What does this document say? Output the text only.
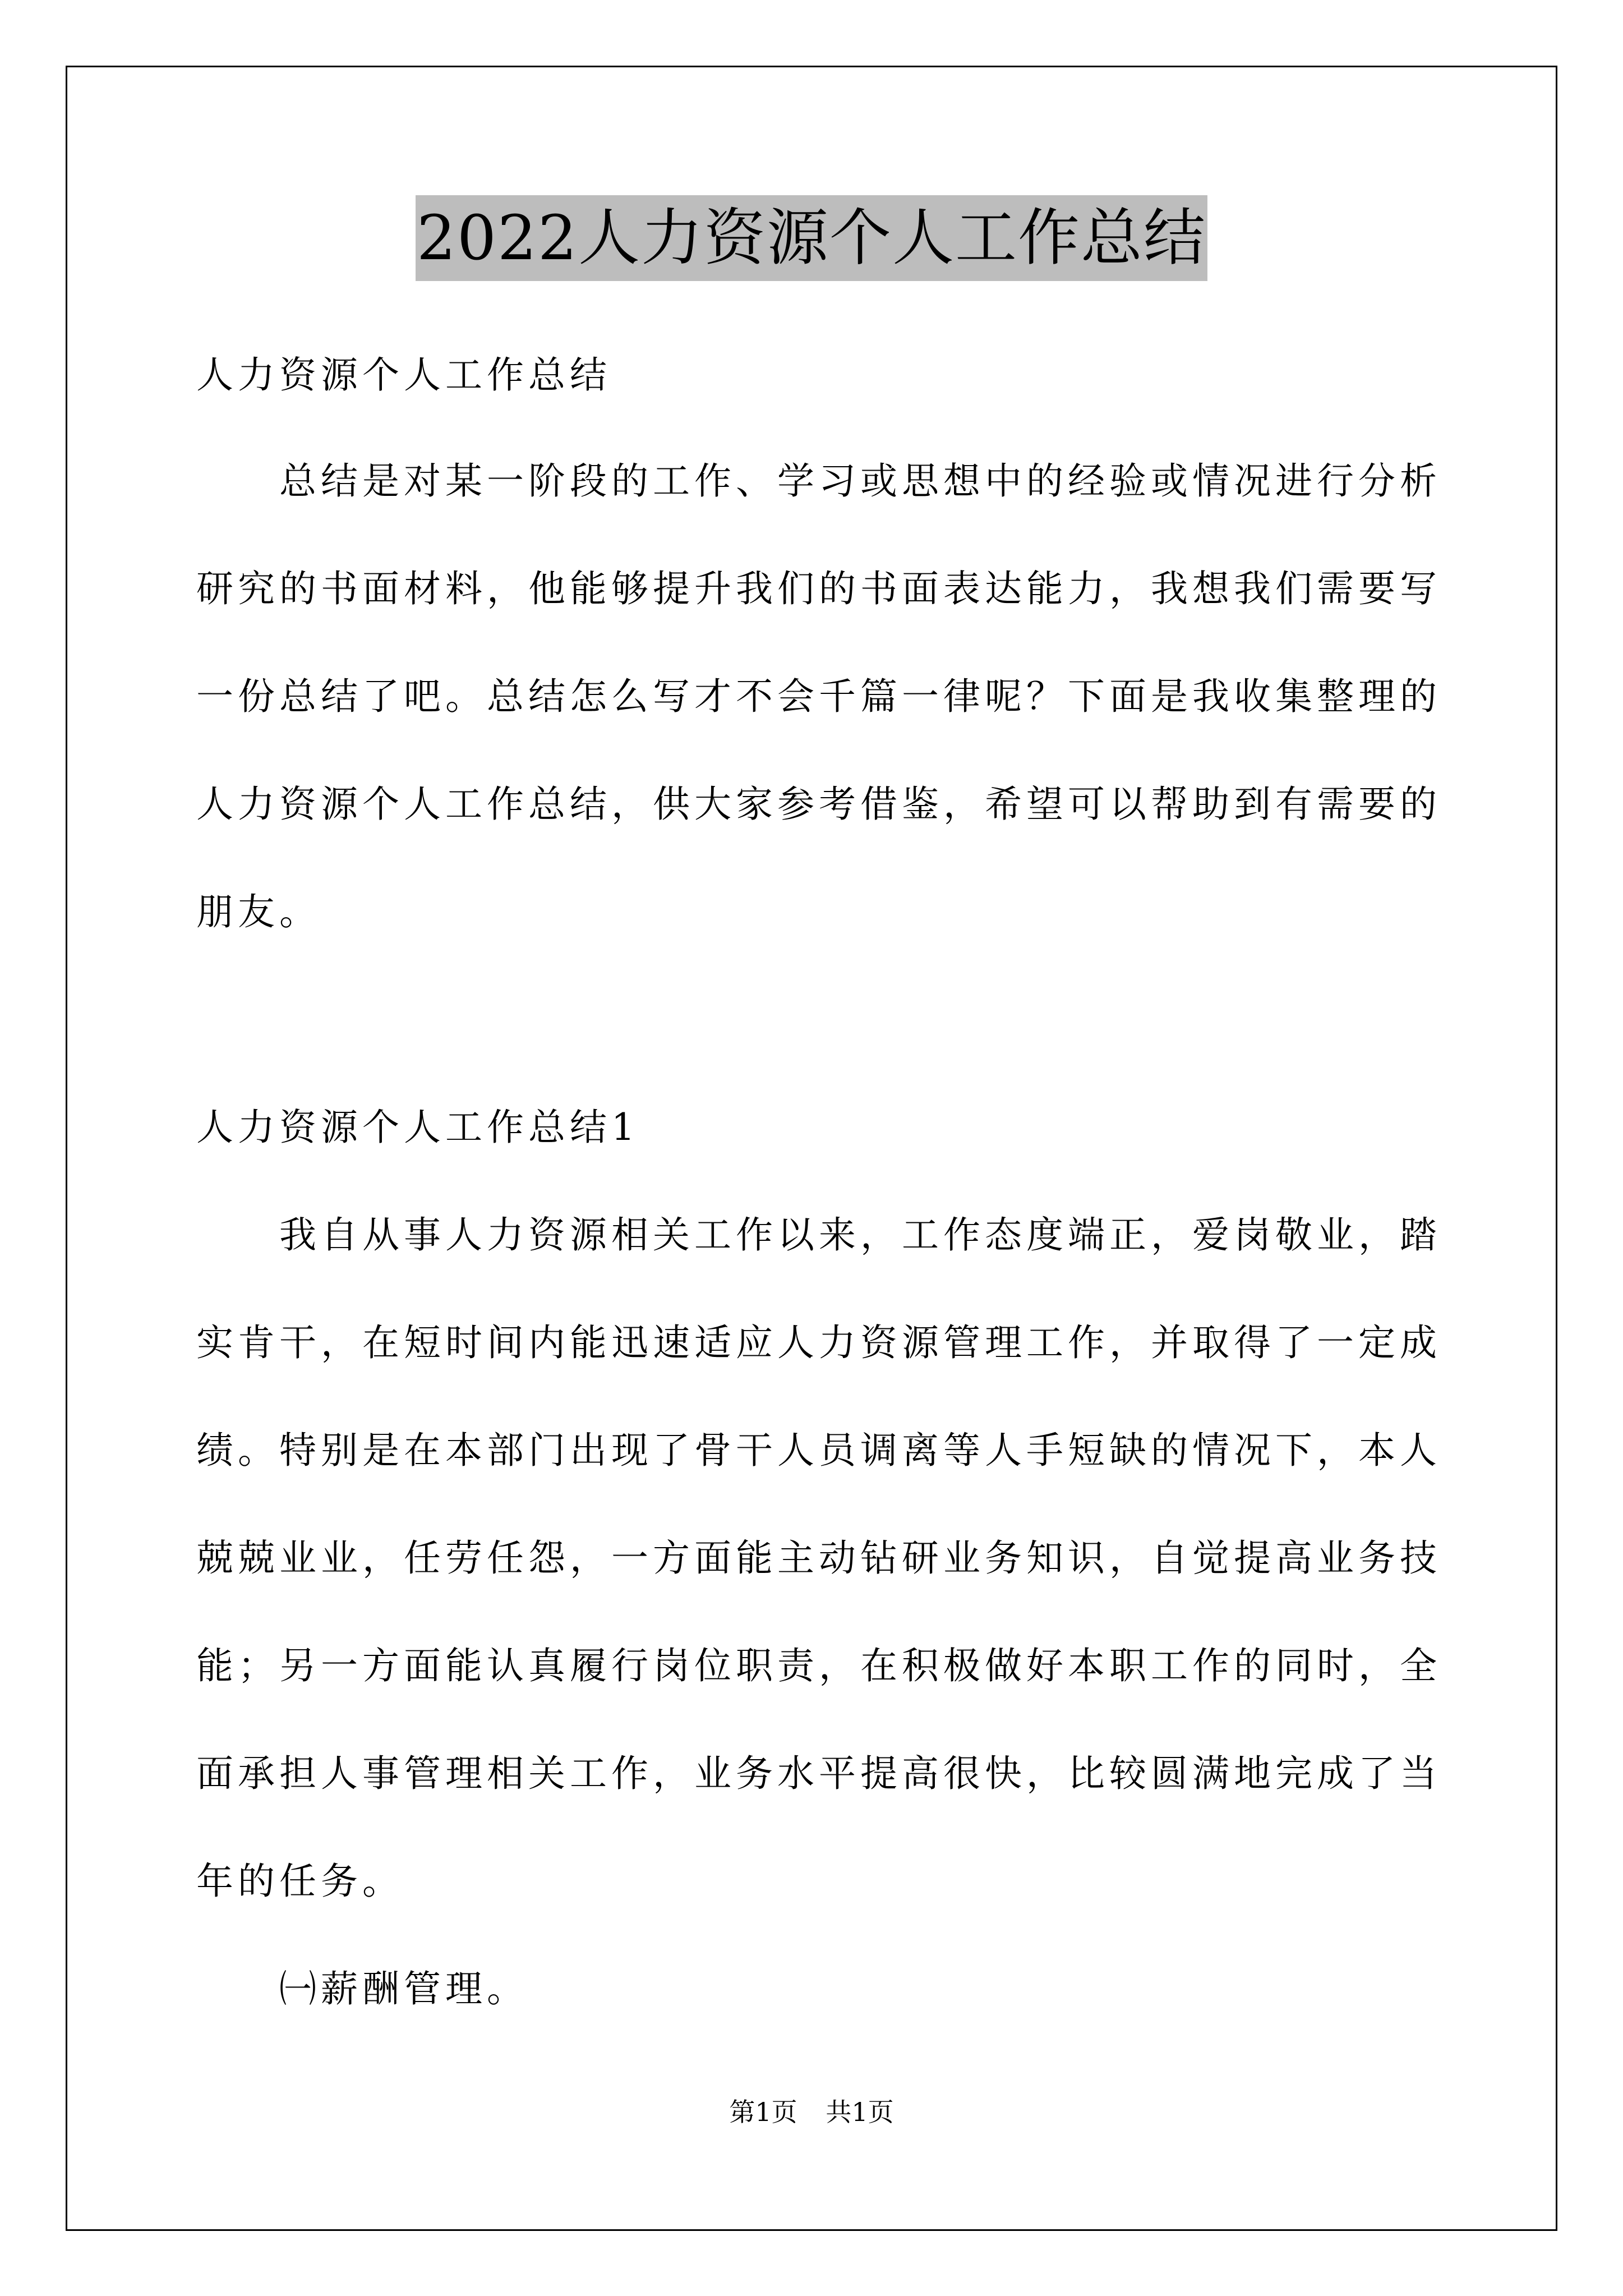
2022人力资源个人工作总结
人力资源个人工作总结
　　总结是对某一阶段的工作、学习或思想中的经验或情况进行分析
研究的书面材料，他能够提升我们的书面表达能力，我想我们需要写
一份总结了吧。总结怎么写才不会千篇一律呢？下面是我收集整理的
人力资源个人工作总结，供大家参考借鉴，希望可以帮助到有需要的
朋友。
人力资源个人工作总结1
　　我自从事人力资源相关工作以来，工作态度端正，爱岗敬业，踏
实肯干，在短时间内能迅速适应人力资源管理工作，并取得了一定成
绩。特别是在本部门出现了骨干人员调离等人手短缺的情况下，本人
兢兢业业，任劳任怨，一方面能主动钻研业务知识，自觉提高业务技
能；另一方面能认真履行岗位职责，在积极做好本职工作的同时，全
面承担人事管理相关工作，业务水平提高很快，比较圆满地完成了当
年的任务。
　　㈠薪酬管理。
第1页 共1页
